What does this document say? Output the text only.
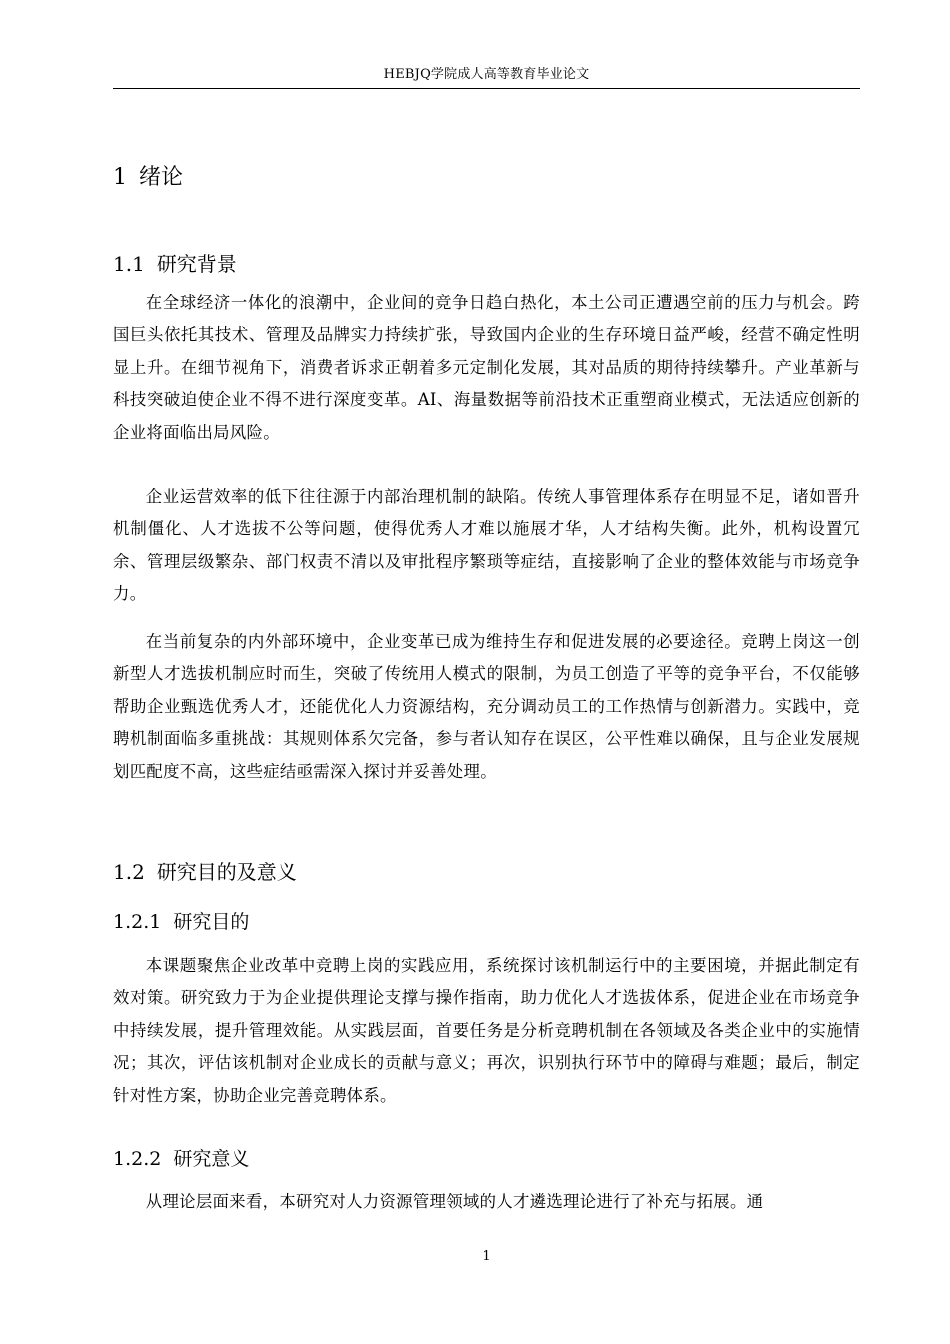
HEBJQ学院成人高等教育毕业论文
1 绪论
1.1 研究背景

在全球经济一体化的浪潮中，企业间的竞争日趋白热化，本土公司正遭遇空前的压力与机会。跨国巨头依托其技术、管理及品牌实力持续扩张，导致国内企业的生存环境日益严峻，经营不确定性明显上升。在细节视角下，消费者诉求正朝着多元定制化发展，其对品质的期待持续攀升。产业革新与科技突破迫使企业不得不进行深度变革。AI、海量数据等前沿技术正重塑商业模式，无法适应创新的企业将面临出局风险。

企业运营效率的低下往往源于内部治理机制的缺陷。传统人事管理体系存在明显不足，诸如晋升机制僵化、人才选拔不公等问题，使得优秀人才难以施展才华，人才结构失衡。此外，机构设置冗余、管理层级繁杂、部门权责不清以及审批程序繁琐等症结，直接影响了企业的整体效能与市场竞争力。

在当前复杂的内外部环境中，企业变革已成为维持生存和促进发展的必要途径。竞聘上岗这一创新型人才选拔机制应时而生，突破了传统用人模式的限制，为员工创造了平等的竞争平台，不仅能够帮助企业甄选优秀人才，还能优化人力资源结构，充分调动员工的工作热情与创新潜力。实践中，竞聘机制面临多重挑战：其规则体系欠完备，参与者认知存在误区，公平性难以确保，且与企业发展规划匹配度不高，这些症结亟需深入探讨并妥善处理。

1.2 研究目的及意义
1.2.1 研究目的

本课题聚焦企业改革中竞聘上岗的实践应用，系统探讨该机制运行中的主要困境，并据此制定有效对策。研究致力于为企业提供理论支撑与操作指南，助力优化人才选拔体系，促进企业在市场竞争中持续发展，提升管理效能。从实践层面，首要任务是分析竞聘机制在各领域及各类企业中的实施情况；其次，评估该机制对企业成长的贡献与意义；再次，识别执行环节中的障碍与难题；最后，制定针对性方案，协助企业完善竞聘体系。

1.2.2 研究意义

从理论层面来看，本研究对人力资源管理领域的人才遴选理论进行了补充与拓展。通

1
